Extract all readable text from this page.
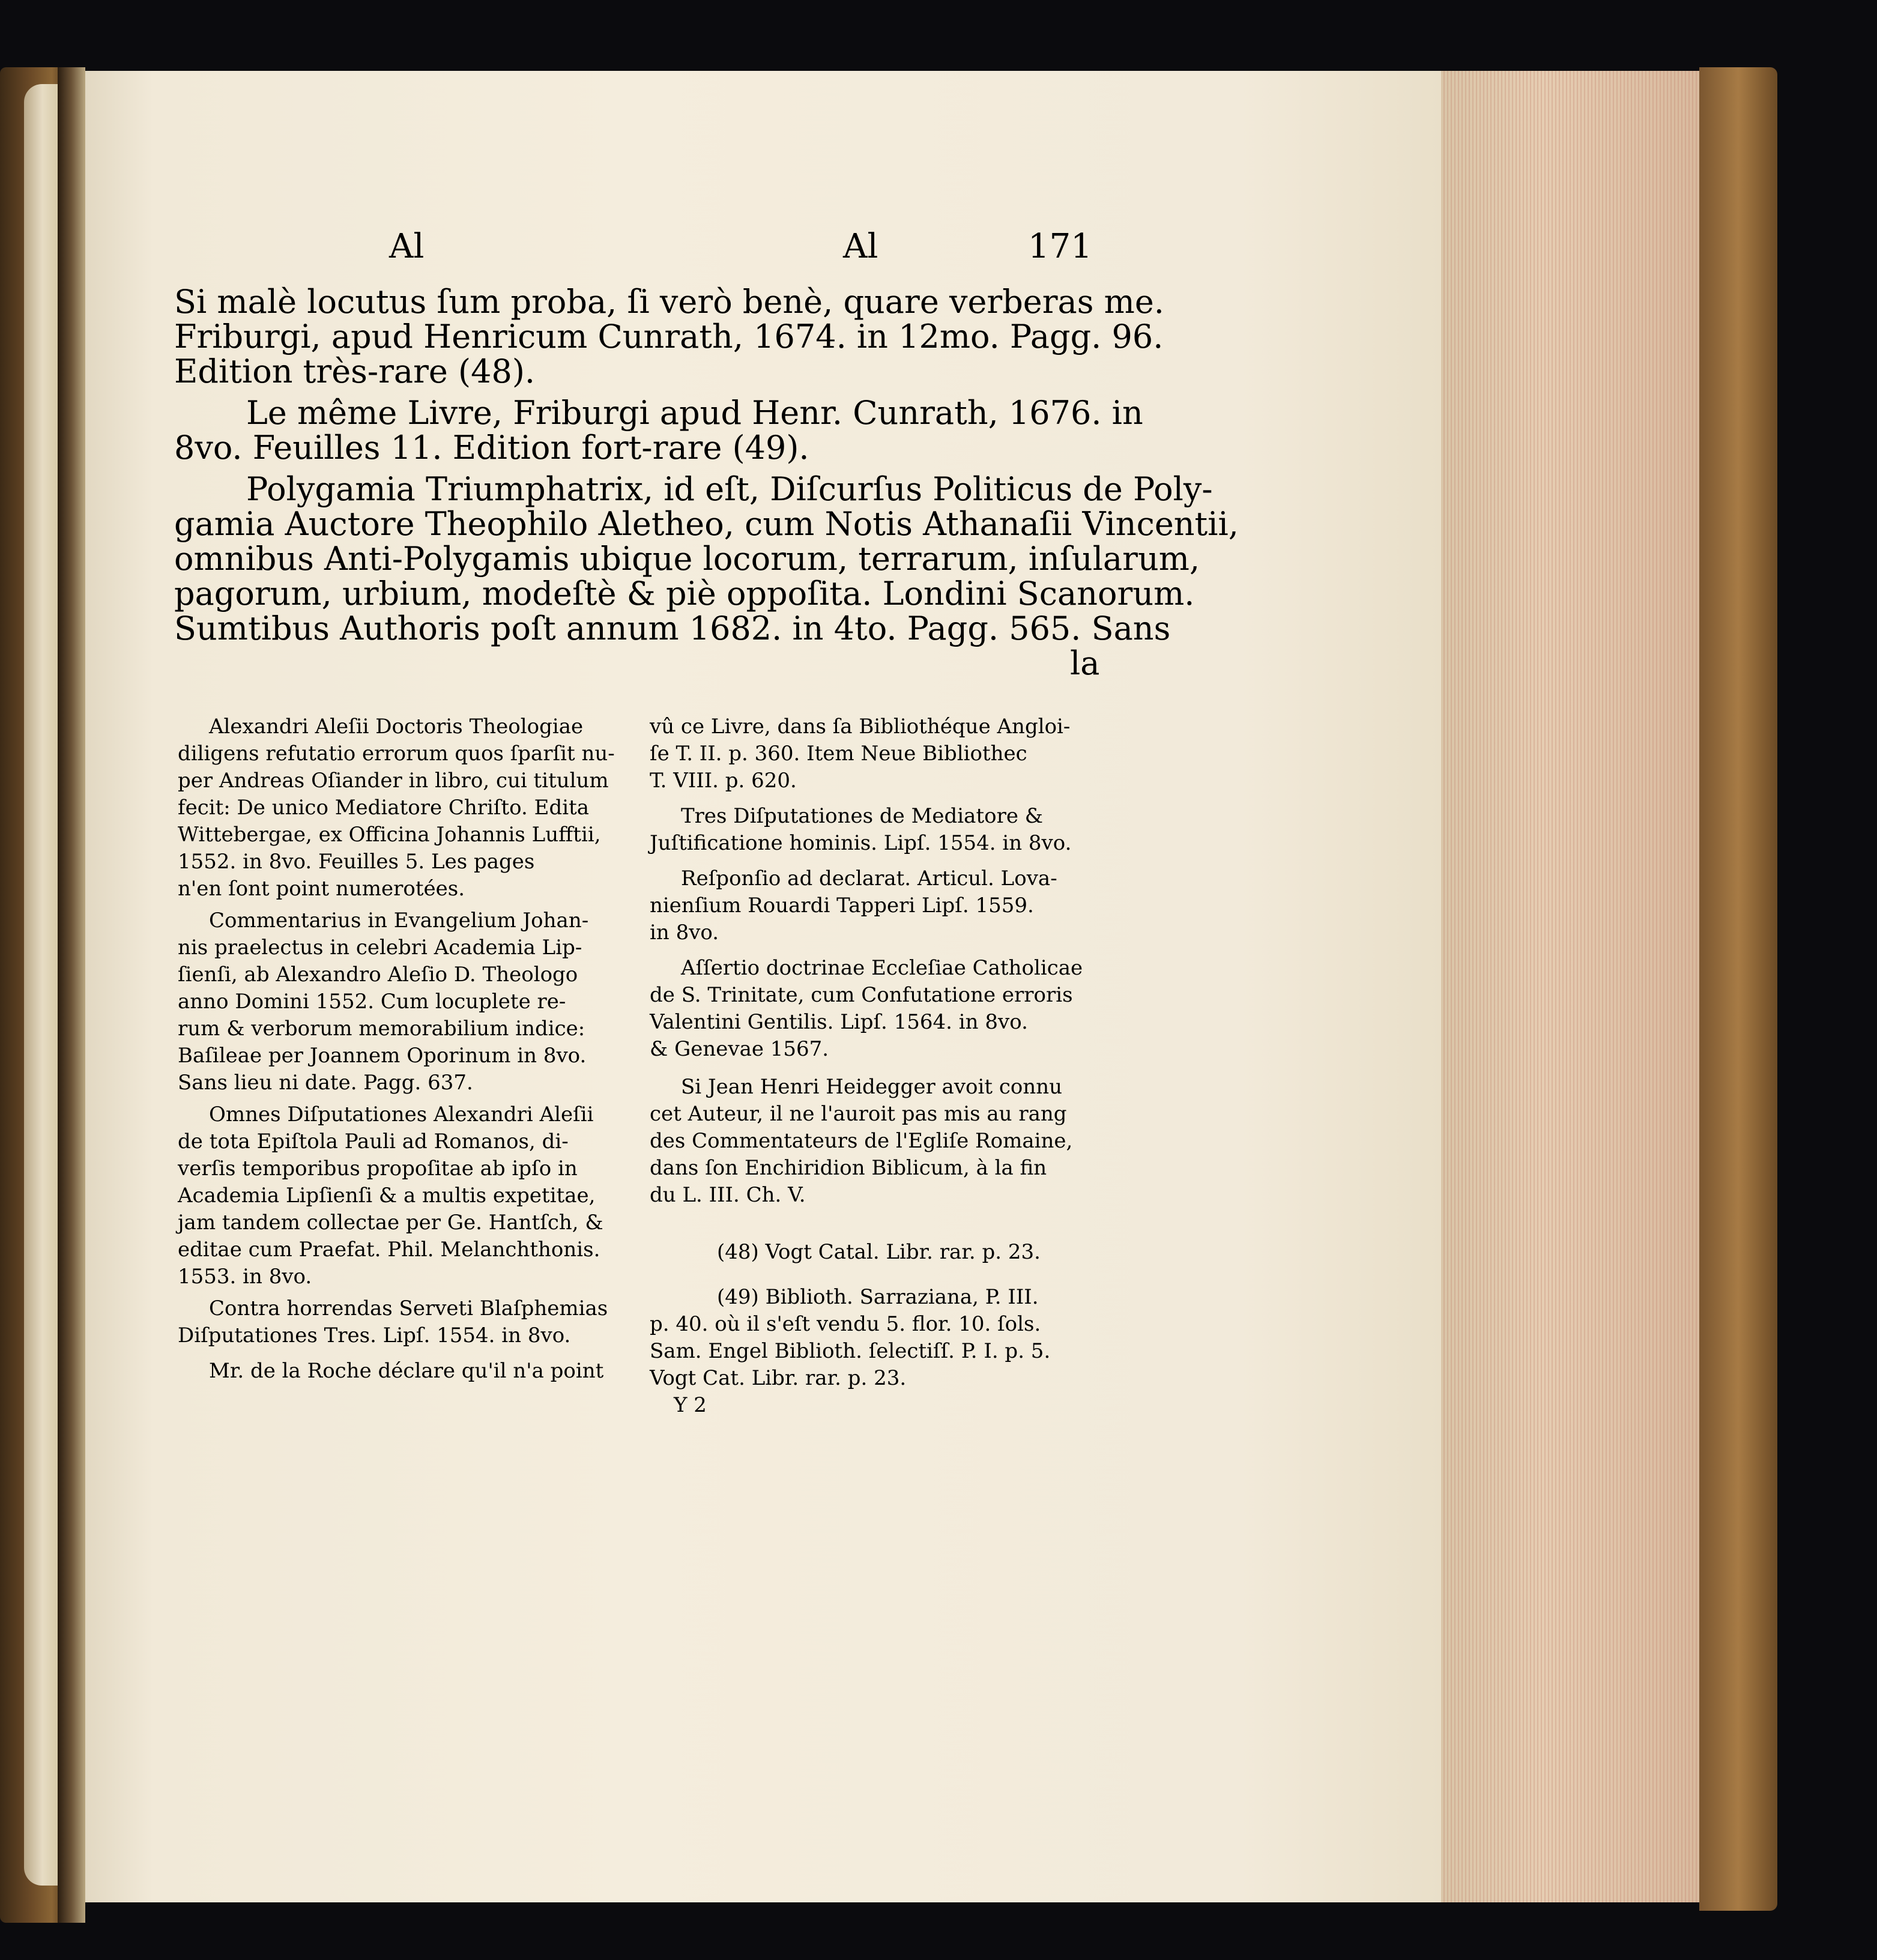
Al	Al	171
Si malè locutus ſum proba, ſi verò benè, quare verberas me.
Friburgi, apud Henricum Cunrath, 1674. in 12mo. Pagg. 96.
Edition très-rare (48).
Le même Livre, Friburgi apud Henr. Cunrath, 1676. in
8vo. Feuilles 11. Edition fort-rare (49).
Polygamia Triumphatrix, id eſt, Diſcurſus Politicus de Poly-
gamia Auctore Theophilo Aletheo, cum Notis Athanaſii Vincentii,
omnibus Anti-Polygamis ubique locorum, terrarum, inſularum,
pagorum, urbium, modeſtè & piè oppoſita. Londini Scanorum.
Sumtibus Authoris poſt annum 1682. in 4to. Pagg. 565. Sans
la

Alexandri Aleſii Doctoris Theologiae

diligens refutatio errorum quos ſparſit nu-

per Andreas Oſiander in libro, cui titulum

fecit: De unico Mediatore Chriſto. Edita

Wittebergae, ex Officina Johannis Lufftii,

1552. in 8vo. Feuilles 5. Les pages

n'en ſont point numerotées.

Commentarius in Evangelium Johan-

nis praelectus in celebri Academia Lip-

ſienſi, ab Alexandro Aleſio D. Theologo

anno Domini 1552. Cum locuplete re-

rum & verborum memorabilium indice:

Baſileae per Joannem Oporinum in 8vo.

Sans lieu ni date. Pagg. 637.

Omnes Diſputationes Alexandri Aleſii

de tota Epiſtola Pauli ad Romanos, di-

verſis temporibus propoſitae ab ipſo in

Academia Lipſienſi & a multis expetitae,

jam tandem collectae per Ge. Hantſch, &

editae cum Praefat. Phil. Melanchthonis.

1553. in 8vo.

Contra horrendas Serveti Blaſphemias

Diſputationes Tres. Lipſ. 1554. in 8vo.

Mr. de la Roche déclare qu'il n'a point

vû ce Livre, dans ſa Bibliothéque Angloi-

ſe T. II. p. 360. Item Neue Bibliothec

T. VIII. p. 620.

Tres Diſputationes de Mediatore &

Juſtificatione hominis. Lipſ. 1554. in 8vo.

Reſponſio ad declarat. Articul. Lova-

nienſium Rouardi Tapperi Lipſ. 1559.

in 8vo.

Aſſertio doctrinae Eccleſiae Catholicae

de S. Trinitate, cum Confutatione erroris

Valentini Gentilis. Lipſ. 1564. in 8vo.

& Genevae 1567.

Si Jean Henri Heidegger avoit connu

cet Auteur, il ne l'auroit pas mis au rang

des Commentateurs de l'Egliſe Romaine,

dans ſon Enchiridion Biblicum, à la fin

du L. III. Ch. V.

(48) Vogt Catal. Libr. rar. p. 23.

(49) Biblioth. Sarraziana, P. III.

p. 40. où il s'eſt vendu 5. flor. 10. ſols.

Sam. Engel Biblioth. ſelectiſſ. P. I. p. 5.

Vogt Cat. Libr. rar. p. 23.

Y 2
